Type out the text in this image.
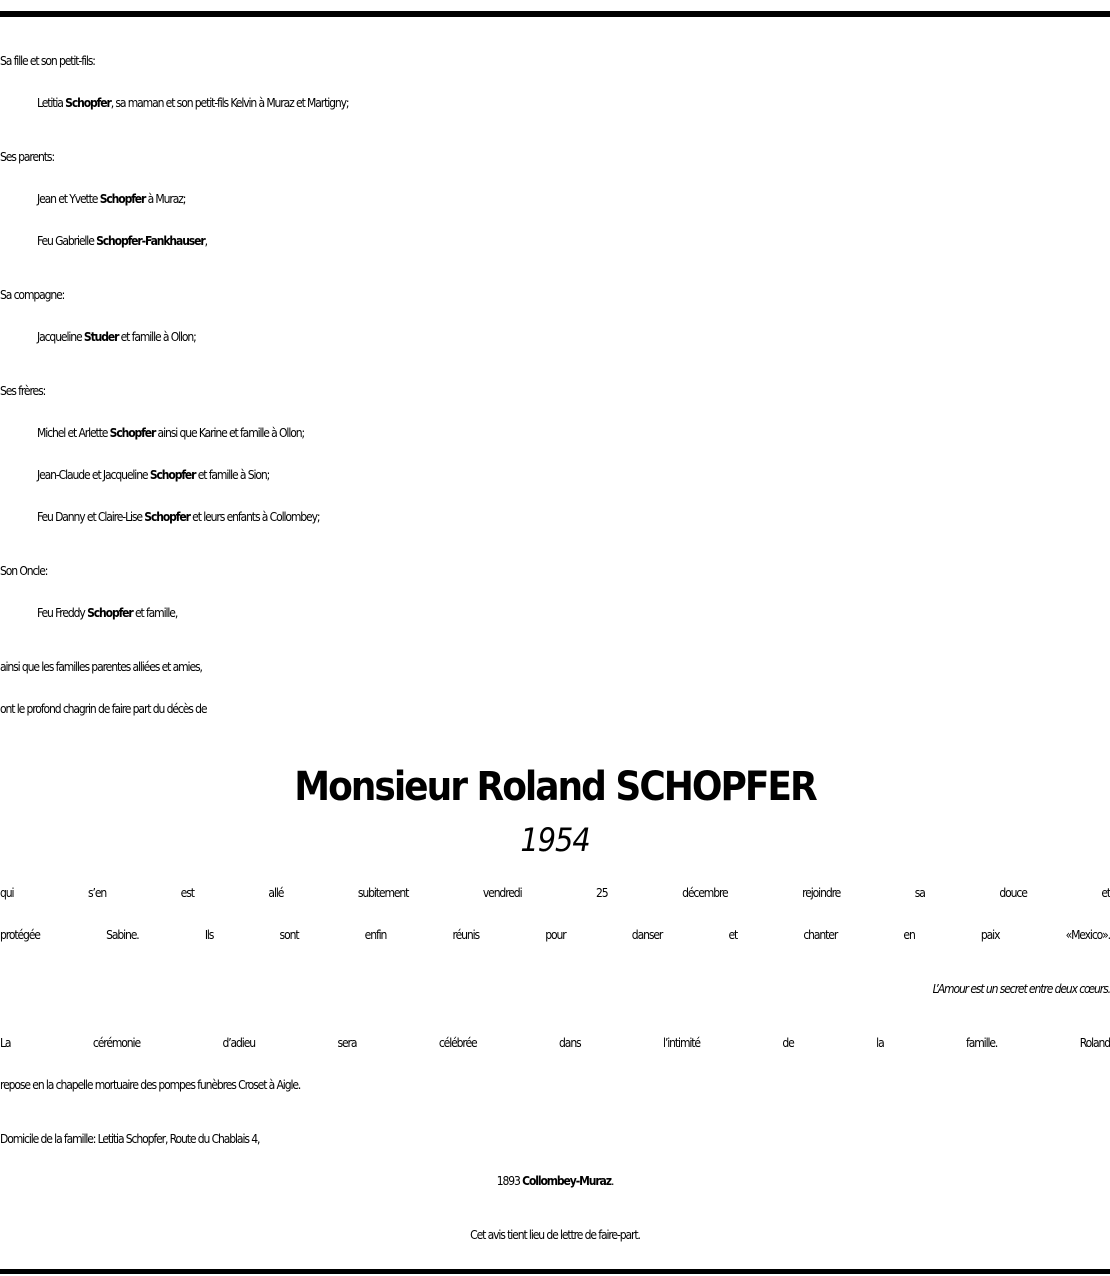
Sa fille et son petit-fils:
Letitia Schopfer, sa maman et son petit-fils Kelvin à Muraz et Martigny;
Ses parents:
Jean et Yvette Schopfer à Muraz;
Feu Gabrielle Schopfer-Fankhauser,
Sa compagne:
Jacqueline Studer et famille à Ollon;
Ses frères:
Michel et Arlette Schopfer ainsi que Karine et famille à Ollon;
Jean-Claude et Jacqueline Schopfer et famille à Sion;
Feu Danny et Claire-Lise Schopfer et leurs enfants à Collombey;
Son Oncle:
Feu Freddy Schopfer et famille,
ainsi que les familles parentes alliées et amies,
ont le profond chagrin de faire part du décès de
Monsieur Roland SCHOPFER
1954
qui s’en est allé subitement vendredi 25 décembre rejoindre sa douce et
protégée Sabine. Ils sont enfin réunis pour danser et chanter en paix «Mexico».
L’Amour est un secret entre deux cœurs.
La cérémonie d’adieu sera célébrée dans l’intimité de la famille. Roland
repose en la chapelle mortuaire des pompes funèbres Croset à Aigle.
Domicile de la famille: Letitia Schopfer, Route du Chablais 4,
1893 Collombey-Muraz.
Cet avis tient lieu de lettre de faire-part.
